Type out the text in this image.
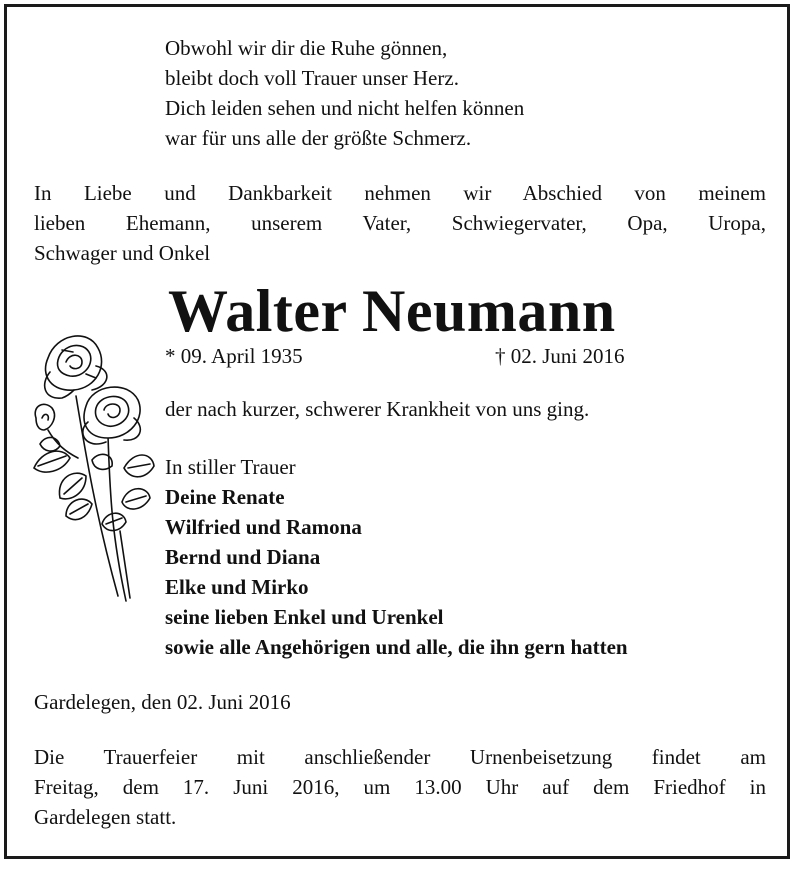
Obwohl wir dir die Ruhe gönnen,
bleibt doch voll Trauer unser Herz.
Dich leiden sehen und nicht helfen können
war für uns alle der größte Schmerz.
In Liebe und Dankbarkeit nehmen wir Abschied von meinem
lieben Ehemann, unserem Vater, Schwiegervater, Opa, Uropa,
Schwager und Onkel
Walter Neumann
* 09. April 1935	† 02. Juni 2016
der nach kurzer, schwerer Krankheit von uns ging.
In stiller Trauer
Deine Renate
Wilfried und Ramona
Bernd und Diana
Elke und Mirko
seine lieben Enkel und Urenkel
sowie alle Angehörigen und alle, die ihn gern hatten
Gardelegen, den 02. Juni 2016
Die Trauerfeier mit anschließender Urnenbeisetzung findet am
Freitag, dem 17. Juni 2016, um 13.00 Uhr auf dem Friedhof in
Gardelegen statt.
